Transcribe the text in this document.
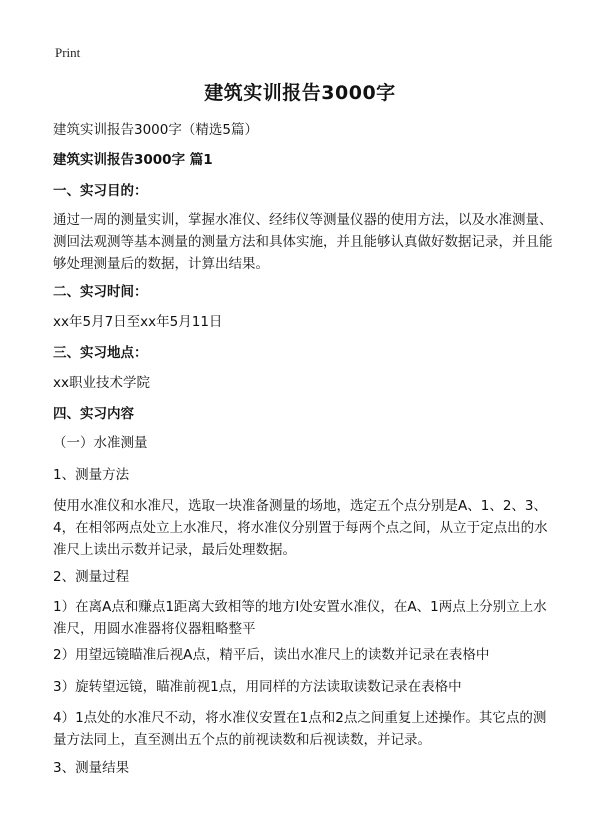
Print
建筑实训报告3000字
建筑实训报告3000字（精选5篇）
建筑实训报告3000字 篇1
一、实习目的：
通过一周的测量实训，掌握水准仪、经纬仪等测量仪器的使用方法，以及水准测量、测回法观测等基本测量的测量方法和具体实施，并且能够认真做好数据记录，并且能够处理测量后的数据，计算出结果。
二、实习时间：
xx年5月7日至xx年5月11日
三、实习地点：
xx职业技术学院
四、实习内容
（一）水准测量
1、测量方法
使用水准仪和水准尺，选取一块准备测量的场地，选定五个点分别是A、1、2、3、4，在相邻两点处立上水准尺，将水准仪分别置于每两个点之间，从立于定点出的水准尺上读出示数并记录，最后处理数据。
2、测量过程
1）在离A点和赚点1距离大致相等的地方I处安置水准仪，在A、1两点上分别立上水准尺，用圆水准器将仪器粗略整平
2）用望远镜瞄准后视A点，精平后，读出水准尺上的读数并记录在表格中
3）旋转望远镜，瞄准前视1点，用同样的方法读取读数记录在表格中
4）1点处的水准尺不动，将水准仪安置在1点和2点之间重复上述操作。其它点的测量方法同上，直至测出五个点的前视读数和后视读数，并记录。
3、测量结果
